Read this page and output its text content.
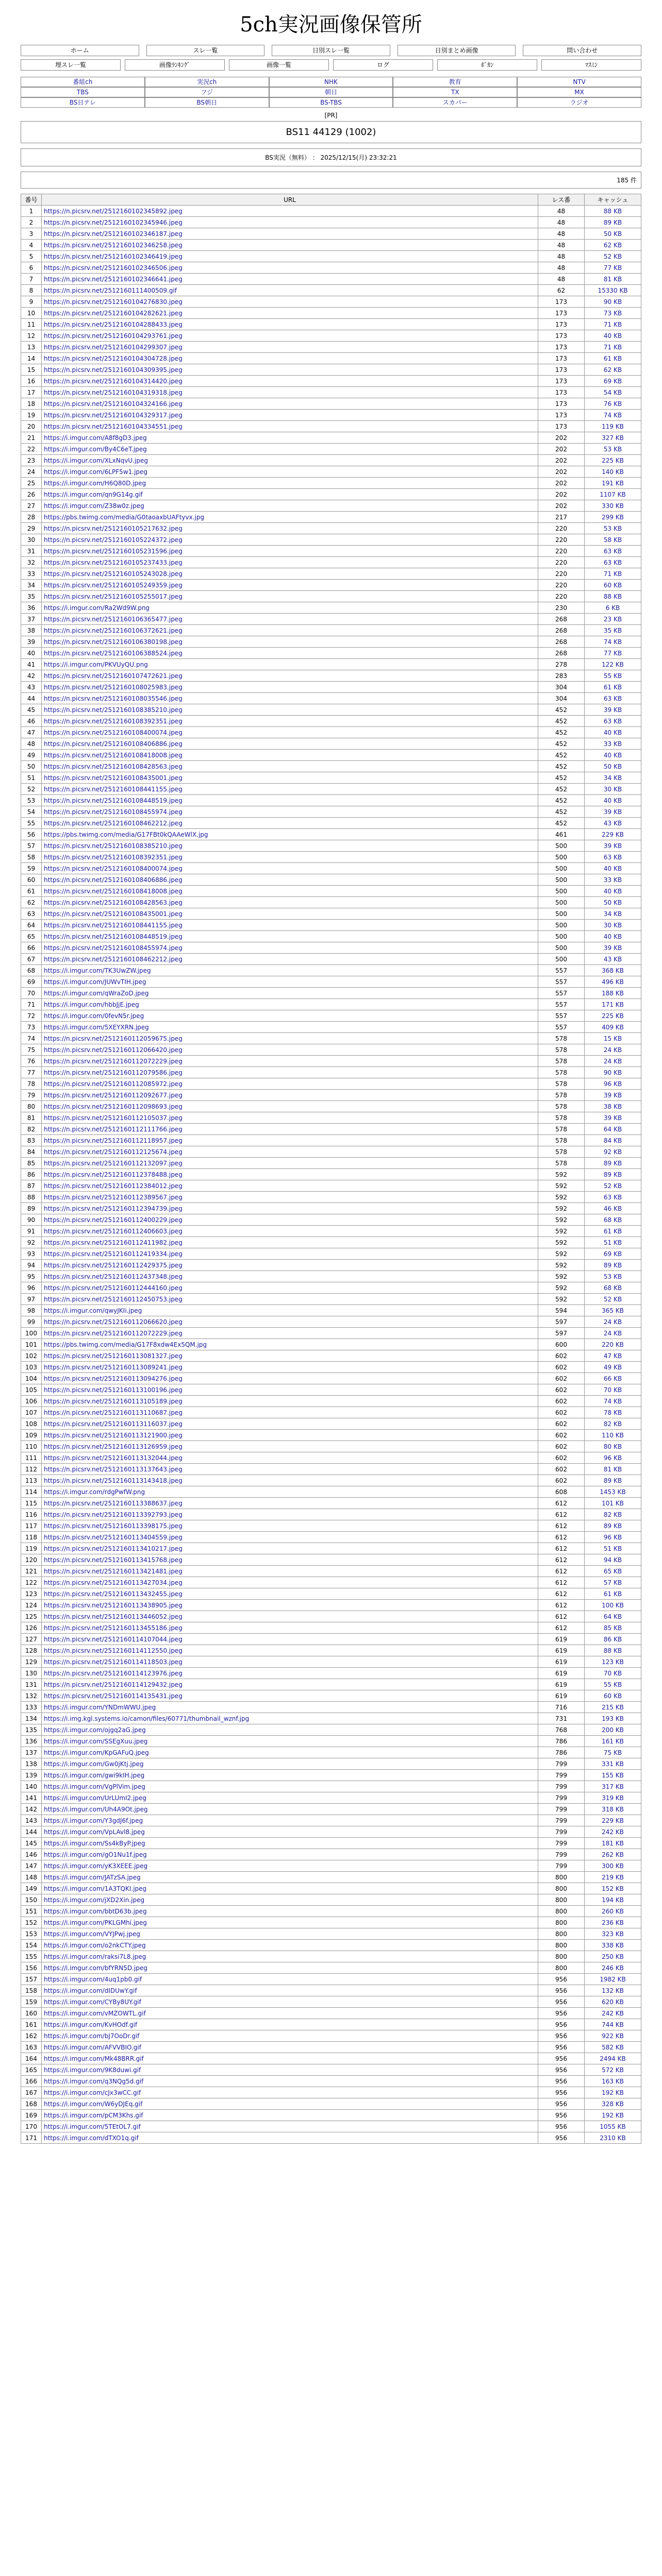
5ch実況画像保管所
ホーム	スレ一覧	日別スレ一覧	日別まとめ画像	問い合わせ
埋スレ一覧	画像ﾗﾝｷﾝｸﾞ	画像一覧	ログ	ﾎﾞｶﾝ	ﾏｽﾐﾝ
番組ch	実況ch	NHK	教育	NTV
TBS	フジ	朝日	TX	MX
BS日テレ	BS朝日	BS-TBS	スカパー	ラジオ
[PR]
BS11 44129 (1002)
BS実況（無料） ： 2025/12/15(月) 23:32:21
185 件
番号	URL	レス番	キャッシュ
1	https://n.picsrv.net/2512160102345892.jpeg	48	88 KB
2	https://n.picsrv.net/2512160102345946.jpeg	48	89 KB
3	https://n.picsrv.net/2512160102346187.jpeg	48	50 KB
4	https://n.picsrv.net/2512160102346258.jpeg	48	62 KB
5	https://n.picsrv.net/2512160102346419.jpeg	48	52 KB
6	https://n.picsrv.net/2512160102346506.jpeg	48	77 KB
7	https://n.picsrv.net/2512160102346641.jpeg	48	81 KB
8	https://n.picsrv.net/2512160111400509.gif	62	15330 KB
9	https://n.picsrv.net/2512160104276830.jpeg	173	90 KB
10	https://n.picsrv.net/2512160104282621.jpeg	173	73 KB
11	https://n.picsrv.net/2512160104288433.jpeg	173	71 KB
12	https://n.picsrv.net/2512160104293761.jpeg	173	40 KB
13	https://n.picsrv.net/2512160104299307.jpeg	173	71 KB
14	https://n.picsrv.net/2512160104304728.jpeg	173	61 KB
15	https://n.picsrv.net/2512160104309395.jpeg	173	62 KB
16	https://n.picsrv.net/2512160104314420.jpeg	173	69 KB
17	https://n.picsrv.net/2512160104319318.jpeg	173	54 KB
18	https://n.picsrv.net/2512160104324166.jpeg	173	76 KB
19	https://n.picsrv.net/2512160104329317.jpeg	173	74 KB
20	https://n.picsrv.net/2512160104334551.jpeg	173	119 KB
21	https://i.imgur.com/A8f8gD3.jpeg	202	327 KB
22	https://i.imgur.com/By4C6eT.jpeg	202	53 KB
23	https://i.imgur.com/XLxNqvU.jpeg	202	225 KB
24	https://i.imgur.com/6LPF5w1.jpeg	202	140 KB
25	https://i.imgur.com/H6Q80D.jpeg	202	191 KB
26	https://i.imgur.com/qn9G14g.gif	202	1107 KB
27	https://i.imgur.com/Z38w0z.jpeg	202	330 KB
28	https://pbs.twimg.com/media/G0taoaxbUAFtyvx.jpg	217	299 KB
29	https://n.picsrv.net/2512160105217632.jpeg	220	53 KB
30	https://n.picsrv.net/2512160105224372.jpeg	220	58 KB
31	https://n.picsrv.net/2512160105231596.jpeg	220	63 KB
32	https://n.picsrv.net/2512160105237433.jpeg	220	63 KB
33	https://n.picsrv.net/2512160105243028.jpeg	220	71 KB
34	https://n.picsrv.net/2512160105249359.jpeg	220	60 KB
35	https://n.picsrv.net/2512160105255017.jpeg	220	88 KB
36	https://i.imgur.com/Ra2Wd9W.png	230	6 KB
37	https://n.picsrv.net/2512160106365477.jpeg	268	23 KB
38	https://n.picsrv.net/2512160106372621.jpeg	268	35 KB
39	https://n.picsrv.net/2512160106380198.jpeg	268	74 KB
40	https://n.picsrv.net/2512160106388524.jpeg	268	77 KB
41	https://i.imgur.com/PKVUyQU.png	278	122 KB
42	https://n.picsrv.net/2512160107472621.jpeg	283	55 KB
43	https://n.picsrv.net/2512160108025983.jpeg	304	61 KB
44	https://n.picsrv.net/2512160108035546.jpeg	304	63 KB
45	https://n.picsrv.net/2512160108385210.jpeg	452	39 KB
46	https://n.picsrv.net/2512160108392351.jpeg	452	63 KB
47	https://n.picsrv.net/2512160108400074.jpeg	452	40 KB
48	https://n.picsrv.net/2512160108406886.jpeg	452	33 KB
49	https://n.picsrv.net/2512160108418008.jpeg	452	40 KB
50	https://n.picsrv.net/2512160108428563.jpeg	452	50 KB
51	https://n.picsrv.net/2512160108435001.jpeg	452	34 KB
52	https://n.picsrv.net/2512160108441155.jpeg	452	30 KB
53	https://n.picsrv.net/2512160108448519.jpeg	452	40 KB
54	https://n.picsrv.net/2512160108455974.jpeg	452	39 KB
55	https://n.picsrv.net/2512160108462212.jpeg	452	43 KB
56	https://pbs.twimg.com/media/G17FBt0kQAAeWlX.jpg	461	229 KB
57	https://n.picsrv.net/2512160108385210.jpeg	500	39 KB
58	https://n.picsrv.net/2512160108392351.jpeg	500	63 KB
59	https://n.picsrv.net/2512160108400074.jpeg	500	40 KB
60	https://n.picsrv.net/2512160108406886.jpeg	500	33 KB
61	https://n.picsrv.net/2512160108418008.jpeg	500	40 KB
62	https://n.picsrv.net/2512160108428563.jpeg	500	50 KB
63	https://n.picsrv.net/2512160108435001.jpeg	500	34 KB
64	https://n.picsrv.net/2512160108441155.jpeg	500	30 KB
65	https://n.picsrv.net/2512160108448519.jpeg	500	40 KB
66	https://n.picsrv.net/2512160108455974.jpeg	500	39 KB
67	https://n.picsrv.net/2512160108462212.jpeg	500	43 KB
68	https://i.imgur.com/TK3UwZW.jpeg	557	368 KB
69	https://i.imgur.com/JUWvTIH.jpeg	557	496 KB
70	https://i.imgur.com/qWraZoD.jpeg	557	188 KB
71	https://i.imgur.com/hbbJjE.jpeg	557	171 KB
72	https://i.imgur.com/0fevN5r.jpeg	557	225 KB
73	https://i.imgur.com/5XEYXRN.jpeg	557	409 KB
74	https://n.picsrv.net/2512160112059675.jpeg	578	15 KB
75	https://n.picsrv.net/2512160112066420.jpeg	578	24 KB
76	https://n.picsrv.net/2512160112072229.jpeg	578	24 KB
77	https://n.picsrv.net/2512160112079586.jpeg	578	90 KB
78	https://n.picsrv.net/2512160112085972.jpeg	578	96 KB
79	https://n.picsrv.net/2512160112092677.jpeg	578	39 KB
80	https://n.picsrv.net/2512160112098693.jpeg	578	38 KB
81	https://n.picsrv.net/2512160112105037.jpeg	578	39 KB
82	https://n.picsrv.net/2512160112111766.jpeg	578	64 KB
83	https://n.picsrv.net/2512160112118957.jpeg	578	84 KB
84	https://n.picsrv.net/2512160112125674.jpeg	578	92 KB
85	https://n.picsrv.net/2512160112132097.jpeg	578	89 KB
86	https://n.picsrv.net/2512160112378488.jpeg	592	89 KB
87	https://n.picsrv.net/2512160112384012.jpeg	592	52 KB
88	https://n.picsrv.net/2512160112389567.jpeg	592	63 KB
89	https://n.picsrv.net/2512160112394739.jpeg	592	46 KB
90	https://n.picsrv.net/2512160112400229.jpeg	592	68 KB
91	https://n.picsrv.net/2512160112406603.jpeg	592	61 KB
92	https://n.picsrv.net/2512160112411982.jpeg	592	51 KB
93	https://n.picsrv.net/2512160112419334.jpeg	592	69 KB
94	https://n.picsrv.net/2512160112429375.jpeg	592	89 KB
95	https://n.picsrv.net/2512160112437348.jpeg	592	53 KB
96	https://n.picsrv.net/2512160112444160.jpeg	592	68 KB
97	https://n.picsrv.net/2512160112450753.jpeg	592	52 KB
98	https://i.imgur.com/qwyJKIi.jpeg	594	365 KB
99	https://n.picsrv.net/2512160112066620.jpeg	597	24 KB
100	https://n.picsrv.net/2512160112072229.jpeg	597	24 KB
101	https://pbs.twimg.com/media/G17F8xdw4Ex5QM.jpg	600	220 KB
102	https://n.picsrv.net/2512160113081327.jpeg	602	47 KB
103	https://n.picsrv.net/2512160113089241.jpeg	602	49 KB
104	https://n.picsrv.net/2512160113094276.jpeg	602	66 KB
105	https://n.picsrv.net/2512160113100196.jpeg	602	70 KB
106	https://n.picsrv.net/2512160113105189.jpeg	602	74 KB
107	https://n.picsrv.net/2512160113110687.jpeg	602	78 KB
108	https://n.picsrv.net/2512160113116037.jpeg	602	82 KB
109	https://n.picsrv.net/2512160113121900.jpeg	602	110 KB
110	https://n.picsrv.net/2512160113126959.jpeg	602	80 KB
111	https://n.picsrv.net/2512160113132044.jpeg	602	96 KB
112	https://n.picsrv.net/2512160113137643.jpeg	602	81 KB
113	https://n.picsrv.net/2512160113143418.jpeg	602	89 KB
114	https://i.imgur.com/rdgPwfW.png	608	1453 KB
115	https://n.picsrv.net/2512160113388637.jpeg	612	101 KB
116	https://n.picsrv.net/2512160113392793.jpeg	612	82 KB
117	https://n.picsrv.net/2512160113398175.jpeg	612	89 KB
118	https://n.picsrv.net/2512160113404559.jpeg	612	96 KB
119	https://n.picsrv.net/2512160113410217.jpeg	612	51 KB
120	https://n.picsrv.net/2512160113415768.jpeg	612	94 KB
121	https://n.picsrv.net/2512160113421481.jpeg	612	65 KB
122	https://n.picsrv.net/2512160113427034.jpeg	612	57 KB
123	https://n.picsrv.net/2512160113432455.jpeg	612	61 KB
124	https://n.picsrv.net/2512160113438905.jpeg	612	100 KB
125	https://n.picsrv.net/2512160113446052.jpeg	612	64 KB
126	https://n.picsrv.net/2512160113455186.jpeg	612	85 KB
127	https://n.picsrv.net/2512160114107044.jpeg	619	86 KB
128	https://n.picsrv.net/2512160114112550.jpeg	619	88 KB
129	https://n.picsrv.net/2512160114118503.jpeg	619	123 KB
130	https://n.picsrv.net/2512160114123976.jpeg	619	70 KB
131	https://n.picsrv.net/2512160114129432.jpeg	619	55 KB
132	https://n.picsrv.net/2512160114135431.jpeg	619	60 KB
133	https://i.imgur.com/YNDmWWU.jpeg	716	215 KB
134	https://i.img.kgl.systems.io/camon/files/60771/thumbnail_wznf.jpg	731	193 KB
135	https://i.imgur.com/ojgq2aG.jpeg	768	200 KB
136	https://i.imgur.com/SSEgXuu.jpeg	786	161 KB
137	https://i.imgur.com/KpGAFuQ.jpeg	786	75 KB
138	https://i.imgur.com/Gw0jKtj.jpeg	799	331 KB
139	https://i.imgur.com/gwi9kIH.jpeg	799	155 KB
140	https://i.imgur.com/VgPlVim.jpeg	799	317 KB
141	https://i.imgur.com/UrLUmI2.jpeg	799	319 KB
142	https://i.imgur.com/Uh4A9Ot.jpeg	799	318 KB
143	https://i.imgur.com/Y3gdJ6f.jpeg	799	229 KB
144	https://i.imgur.com/VpLAvl8.jpeg	799	242 KB
145	https://i.imgur.com/Ss4kByP.jpeg	799	181 KB
146	https://i.imgur.com/gO1Nu1f.jpeg	799	262 KB
147	https://i.imgur.com/yK3XEEE.jpeg	799	300 KB
148	https://i.imgur.com/JATzSA.jpeg	800	219 KB
149	https://i.imgur.com/1A3TQKI.jpeg	800	152 KB
150	https://i.imgur.com/jXD2Xin.jpeg	800	194 KB
151	https://i.imgur.com/bbtD63b.jpeg	800	260 KB
152	https://i.imgur.com/PKLGMhi.jpeg	800	236 KB
153	https://i.imgur.com/VYJPwj.jpeg	800	323 KB
154	https://i.imgur.com/o2nkCTY.jpeg	800	338 KB
155	https://i.imgur.com/raksi7L8.jpeg	800	250 KB
156	https://i.imgur.com/bfYRN5D.jpeg	800	246 KB
157	https://i.imgur.com/4uq1pb0.gif	956	1982 KB
158	https://i.imgur.com/dIDUwY.gif	956	132 KB
159	https://i.imgur.com/CYBy8UY.gif	956	620 KB
160	https://i.imgur.com/vMZOWTL.gif	956	242 KB
161	https://i.imgur.com/KvHOdf.gif	956	744 KB
162	https://i.imgur.com/bJ7OoDr.gif	956	922 KB
163	https://i.imgur.com/AFVVBIO.gif	956	582 KB
164	https://i.imgur.com/Mk48BRR.gif	956	2494 KB
165	https://i.imgur.com/9K8duwi.gif	956	572 KB
166	https://i.imgur.com/q3NQg5d.gif	956	163 KB
167	https://i.imgur.com/cJx3wCC.gif	956	192 KB
168	https://i.imgur.com/W6yDJEq.gif	956	328 KB
169	https://i.imgur.com/pCM3Khs.gif	956	192 KB
170	https://i.imgur.com/5TEtOL7.gif	956	1055 KB
171	https://i.imgur.com/dTXO1q.gif	956	2310 KB
